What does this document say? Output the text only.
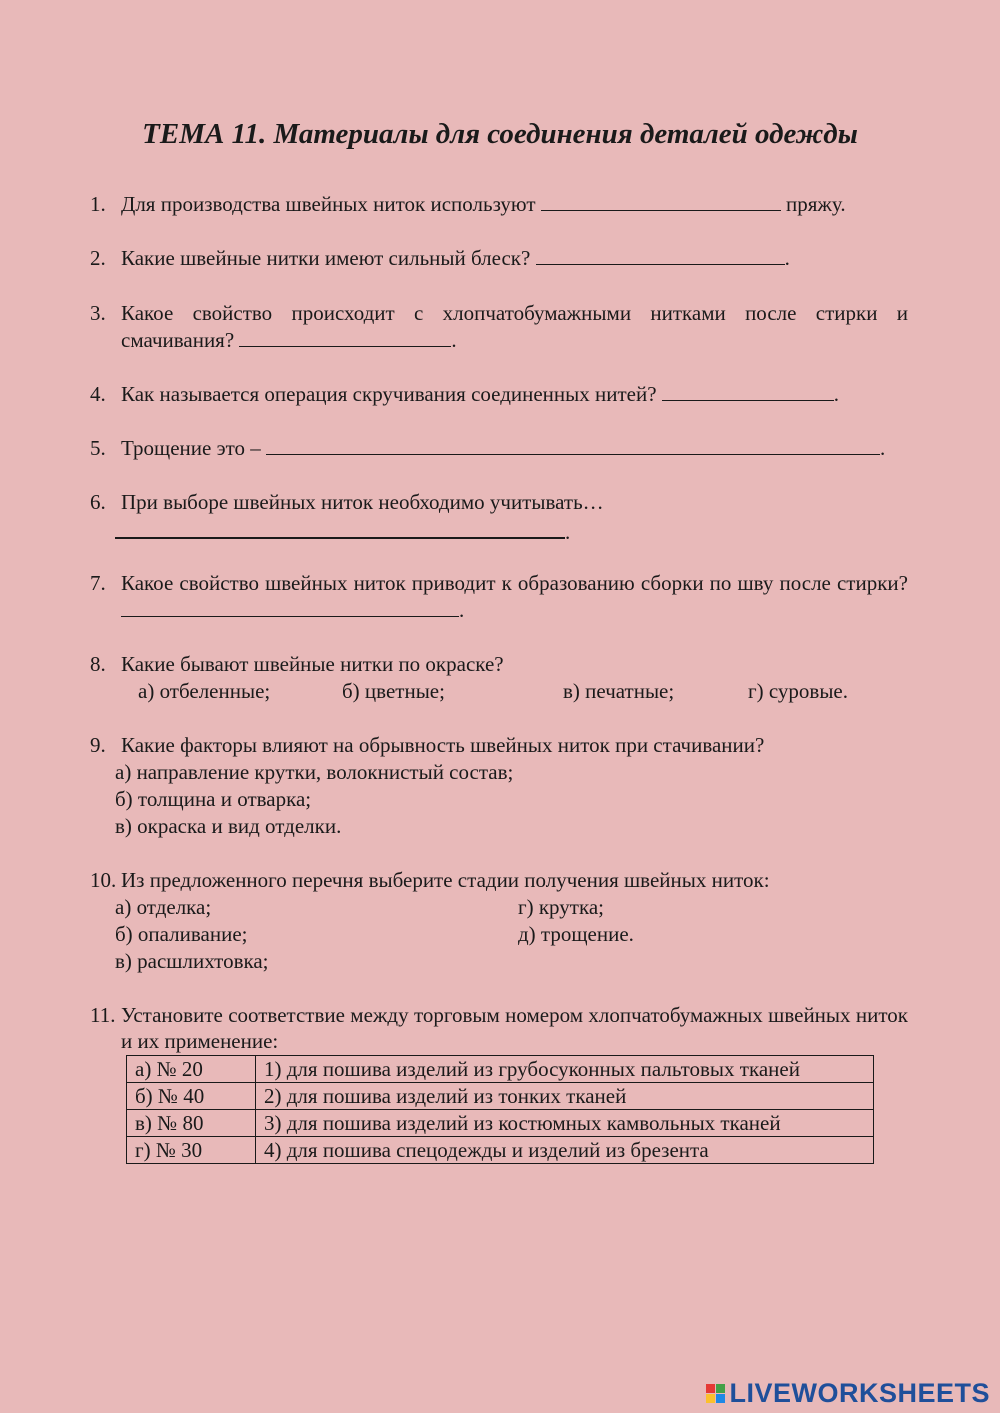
ТЕМА 11. Материалы для соединения деталей одежды
1. Для производства швейных ниток используют	пряжу.
2. Какие швейные нитки имеют сильный блеск?	.
3. Какое свойство происходит с хлопчатобумажными нитками после стирки и смачивания?	.
4. Как называется операция скручивания соединенных нитей?	.
5. Трощение это –	.
6. При выборе швейных ниток необходимо учитывать…
.
7. Какое свойство швейных ниток приводит к образованию сборки по шву после стирки? .
8. Какие бывают швейные нитки по окраске?
а) отбеленные;	б) цветные;	в) печатные;	г) суровые.
9. Какие факторы влияют на обрывность швейных ниток при стачивании?
а) направление крутки, волокнистый состав;
б) толщина и отварка;
в) окраска и вид отделки.
10. Из предложенного перечня выберите стадии получения швейных ниток:
а) отделка;
б) опаливание;
в) расшлихтовка;
г) крутка;
д) трощение.
11. Установите соответствие между торговым номером хлопчатобумажных швейных ниток и их применение:
а) № 20	1) для пошива изделий из грубосуконных пальтовых тканей
б) № 40	2) для пошива изделий из тонких тканей
в) № 80	3) для пошива изделий из костюмных камвольных тканей
г) № 30	4) для пошива спецодежды и изделий из брезента
LIVEWORKSHEETS
